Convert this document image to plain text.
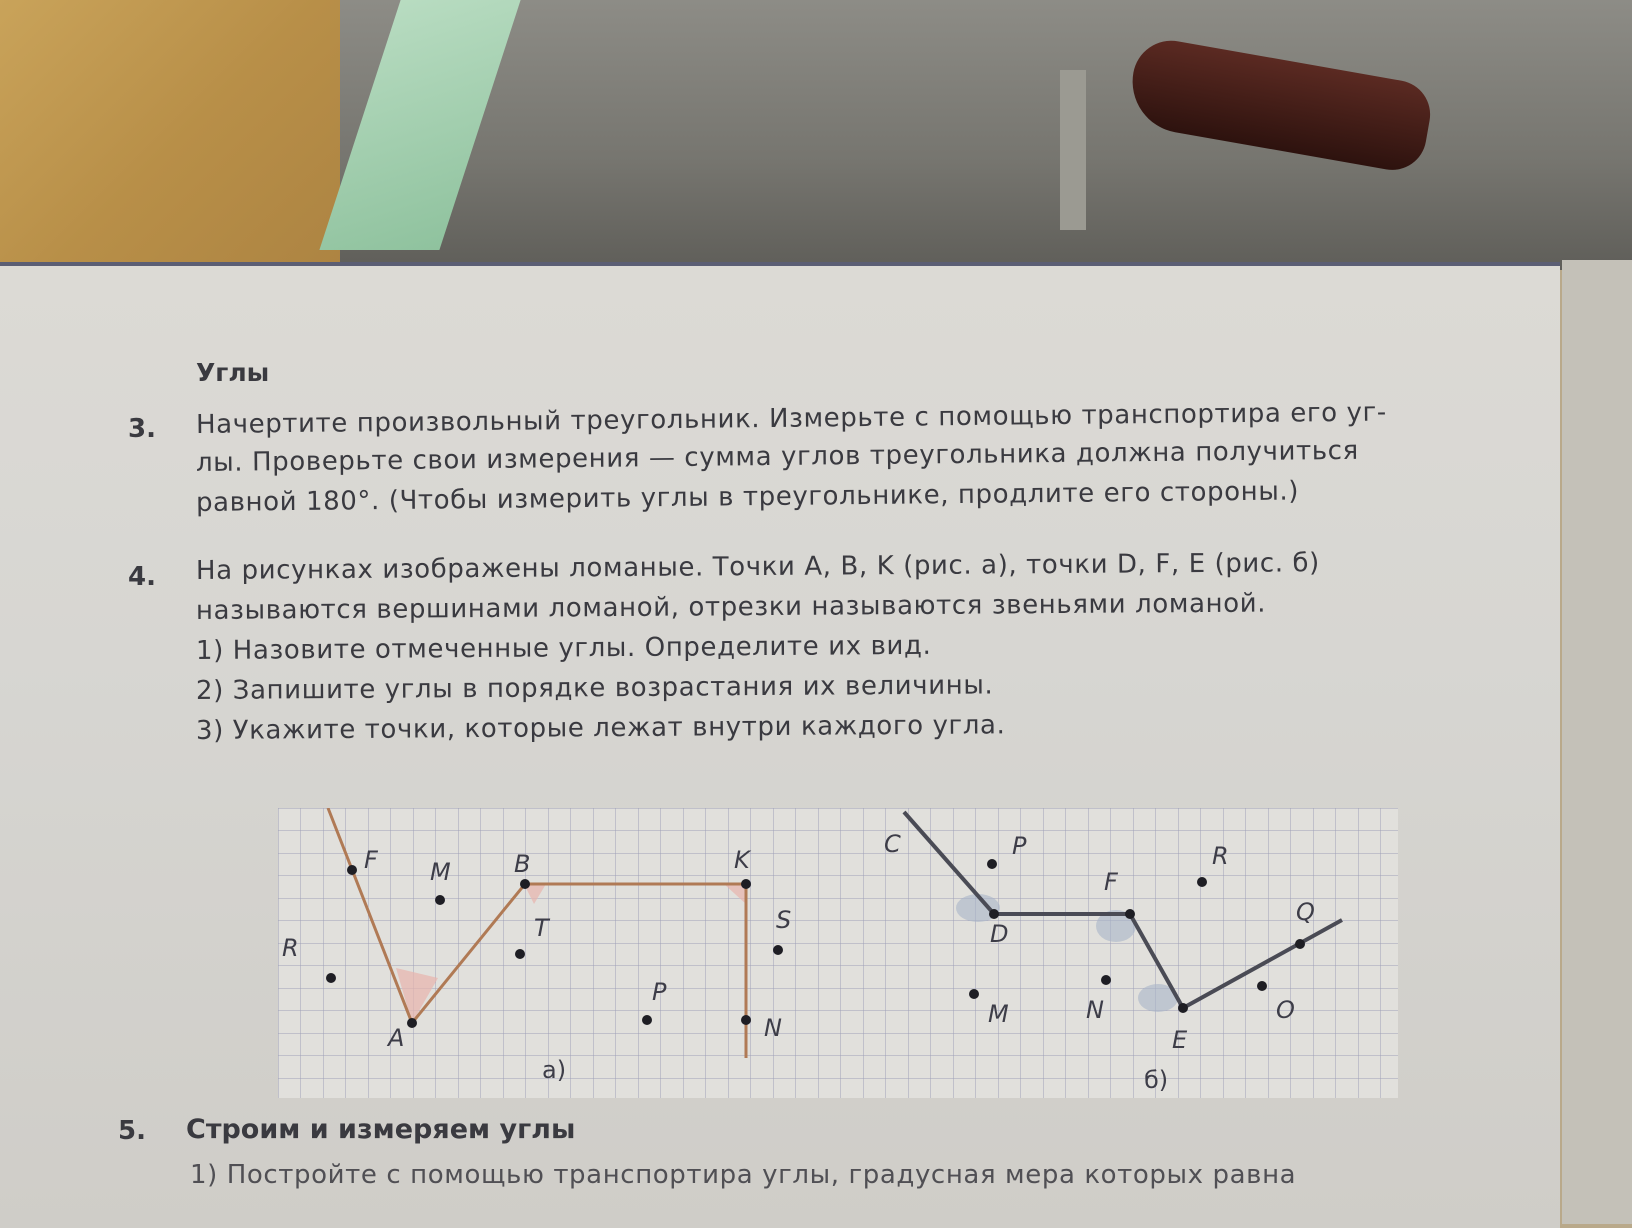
Углы
3. Начертите произвольный треугольник. Измерьте с помощью транспортира его уг-
лы. Проверьте свои измерения — сумма углов треугольника должна получиться
равной 180°. (Чтобы измерить углы в треугольнике, продлите его стороны.)
4. На рисунках изображены ломаные. Точки A, B, K (рис. а), точки D, F, E (рис. б)
называются вершинами ломаной, отрезки называются звеньями ломаной.
1) Назовите отмеченные углы. Определите их вид.
2) Запишите углы в порядке возрастания их величины.
3) Укажите точки, которые лежат внутри каждого угла.
5. Строим и измеряем углы
1) Постройте с помощью транспортира углы, градусная мера которых равна
F M	B	K
R
T	S
A
P
N
а)
C	P	R
F
Q
D
M	N	O
E
б)
